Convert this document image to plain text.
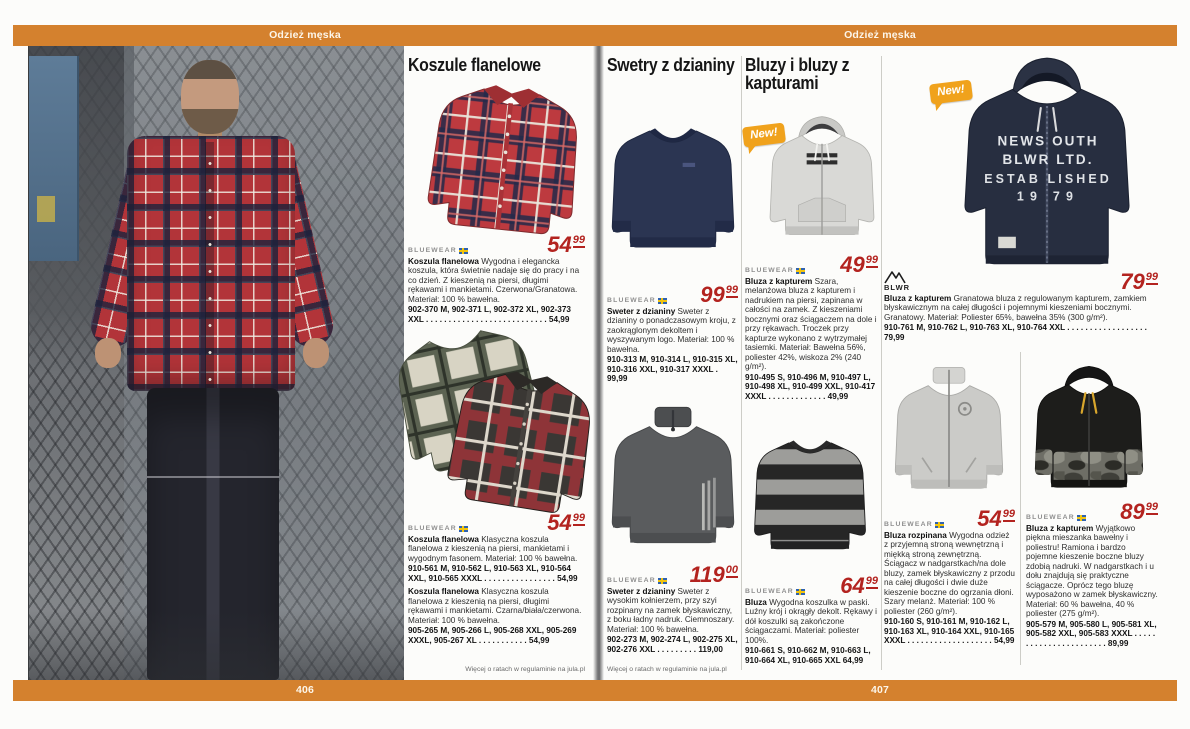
Odzież męska	Odzież męska
406	407
Koszule flanelowe
BLUEWEAR	$54^{99}$

Koszula flanelowa Wygodna i elegancka koszula, która świetnie nadaje się do pracy i na co dzień. Z kieszenią na piersi, długimi rękawami i mankietami. Czerwona/Granatowa. Materiał: 100 % bawełna.

902-370 M, 902-371 L, 902-372 XL, 902-373 XXL . . . . . . . . . . . . . . . . . . . . . . . . . . . 54,99

BLUEWEAR	$54^{99}$

Koszula flanelowa Klasyczna koszula flanelowa z kieszenią na piersi, mankietami i wygodnym fasonem. Materiał: 100 % bawełna.

910-561 M, 910-562 L, 910-563 XL, 910-564 XXL, 910-565 XXXL . . . . . . . . . . . . . . . . 54,99

Koszula flanelowa Klasyczna koszula flanelowa z kieszenią na piersi, długimi rękawami i mankietami. Czarna/biała/czerwona. Materiał: 100 % bawełna.

905-265 M, 905-266 L, 905-268 XXL, 905-269 XXXL, 905-267 XL . . . . . . . . . . . 54,99

Więcej o ratach w regulaminie na jula.pl
Swetry z dzianiny
BLUEWEAR $99^{99}$

Sweter z dzianiny Sweter z dzianiny o ponadczasowym kroju, z zaokrąglonym dekoltem i wyszywanym logo. Materiał: 100 % bawełna.

910-313 M, 910-314 L, 910-315 XL, 910-316 XXL, 910-317 XXXL . 99,99

BLUEWEAR $119^{00}$

Sweter z dzianiny Sweter z wysokim kołnierzem, przy szyi rozpinany na zamek błyskawiczny, z boku ładny nadruk. Ciemnoszary. Materiał: 100 % bawełna.

902-273 M, 902-274 L, 902-275 XL, 902-276 XXL . . . . . . . . . 119,00

Więcej o ratach w regulaminie na jula.pl
Bluzy i bluzy z kapturami
New!
BLUEWEAR $49^{99}$

Bluza z kapturem Szara, melanżowa bluza z kapturem i nadrukiem na piersi, zapinana w całości na zamek. Z kieszeniami bocznymi oraz ściągaczem na dole i przy rękawach. Troczek przy kapturze wykonano z wytrzymałej tasiemki. Materiał: Bawełna 56%, poliester 42%, wiskoza 2% (240 g/m²).

910-495 S, 910-496 M, 910-497 L, 910-498 XL, 910-499 XXL, 910-417 XXXL . . . . . . . . . . . . . 49,99

BLUEWEAR $64^{99}$

Bluza Wygodna koszulka w paski. Luźny krój i okrągły dekolt. Rękawy i dół koszulki są zakończone ściągaczami. Materiał: poliester 100%.

910-661 S, 910-662 M, 910-663 L, 910-664 XL, 910-665 XXL 64,99

New!
NEWS OUTH
BLWR LTD.
ESTAB LISHED
19 79
BLWR	$79^{99}$

Bluza z kapturem Granatowa bluza z regulowanym kapturem, zamkiem błyskawicznym na całej długości i pojemnymi kieszeniami bocznymi. Granatowy. Materiał: Poliester 65%, bawełna 35% (300 g/m²).

910-761 M, 910-762 L, 910-763 XL, 910-764 XXL . . . . . . . . . . . . . . . . . . 79,99

BLUEWEAR $54^{99}$

Bluza rozpinana Wygodna odzież z przyjemną stroną wewnętrzną i miękką stroną zewnętrzną. Ściągacz w nadgarstkach/na dole bluzy, zamek błyskawiczny z przodu na całej długości i dwie duże kieszenie boczne do ogrzania dłoni. Szary melanż. Materiał: 100 % poliester (260 g/m²).

910-160 S, 910-161 M, 910-162 L, 910-163 XL, 910-164 XXL, 910-165 XXXL . . . . . . . . . . . . . . . . . . . 54,99

BLUEWEAR $89^{99}$

Bluza z kapturem Wyjątkowo piękna mieszanka bawełny i poliestru! Ramiona i bardzo pojemne kieszenie boczne bluzy zdobią nadruki. W nadgarstkach i u dołu znajdują się praktyczne ściągacze. Oprócz tego bluzę wyposażono w zamek błyskawiczny. Materiał: 60 % bawełna, 40 % poliester (275 g/m²).

905-579 M, 905-580 L, 905-581 XL, 905-582 XXL, 905-583 XXXL . . . . . . . . . . . . . . . . . . . . . . . 89,99
